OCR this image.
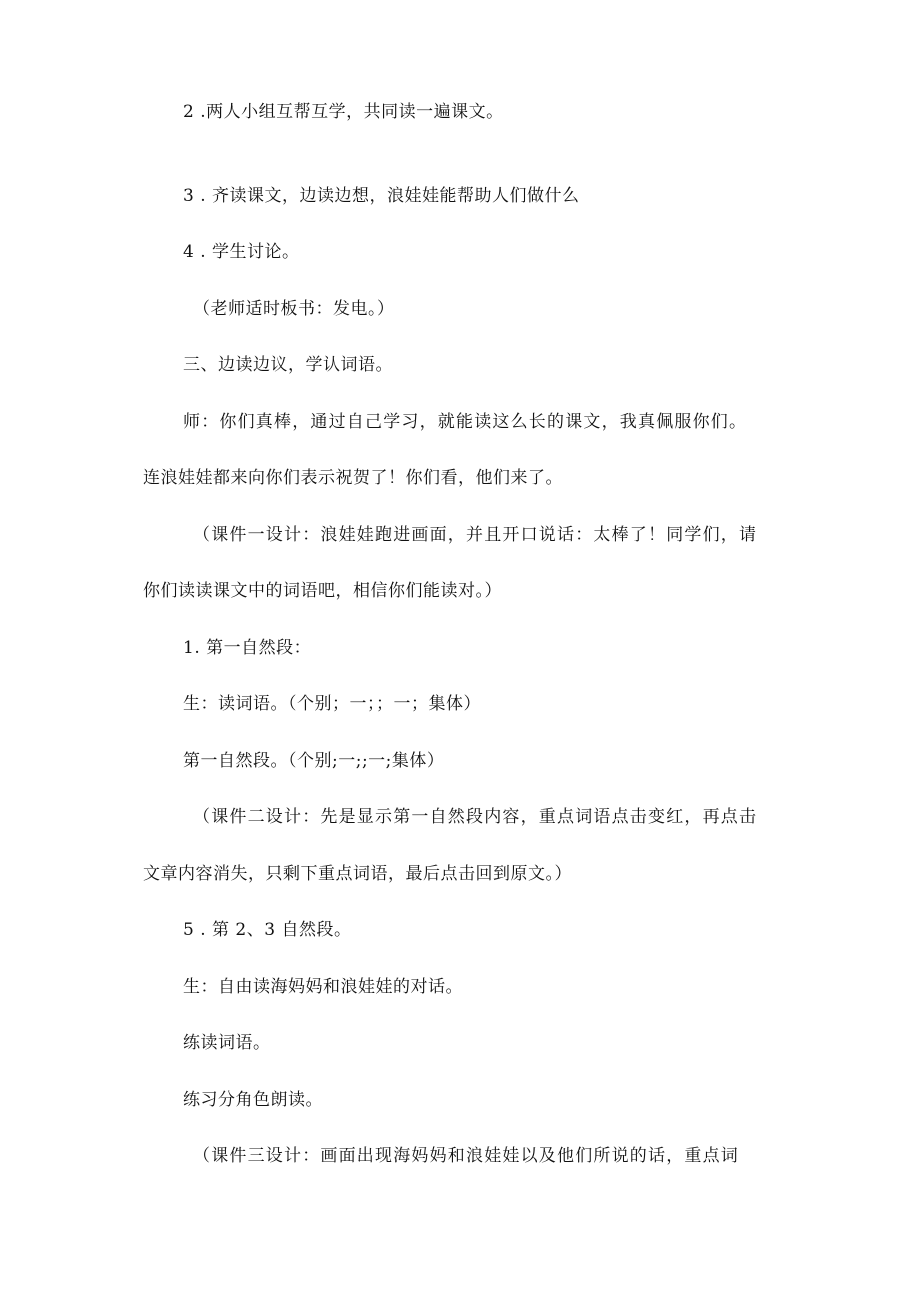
2 .两人小组互帮互学，共同读一遍课文。
3 . 齐读课文，边读边想，浪娃娃能帮助人们做什么
4 . 学生讨论。
（老师适时板书：发电。）
三、边读边议，学认词语。
师：你们真棒，通过自己学习，就能读这么长的课文，我真佩服你们。
连浪娃娃都来向你们表示祝贺了！你们看，他们来了。
（课件一设计：浪娃娃跑进画面，并且开口说话：太棒了！同学们，请
你们读读课文中的词语吧，相信你们能读对。）
1. 第一自然段：
生：读词语。（个别；一；；一；集体）
第一自然段。（个别;一;;一;集体）
（课件二设计：先是显示第一自然段内容，重点词语点击变红，再点击
文章内容消失，只剩下重点词语，最后点击回到原文。）
5 . 第 2、3 自然段。
生：自由读海妈妈和浪娃娃的对话。
练读词语。
练习分角色朗读。
（课件三设计：画面出现海妈妈和浪娃娃以及他们所说的话，重点词
